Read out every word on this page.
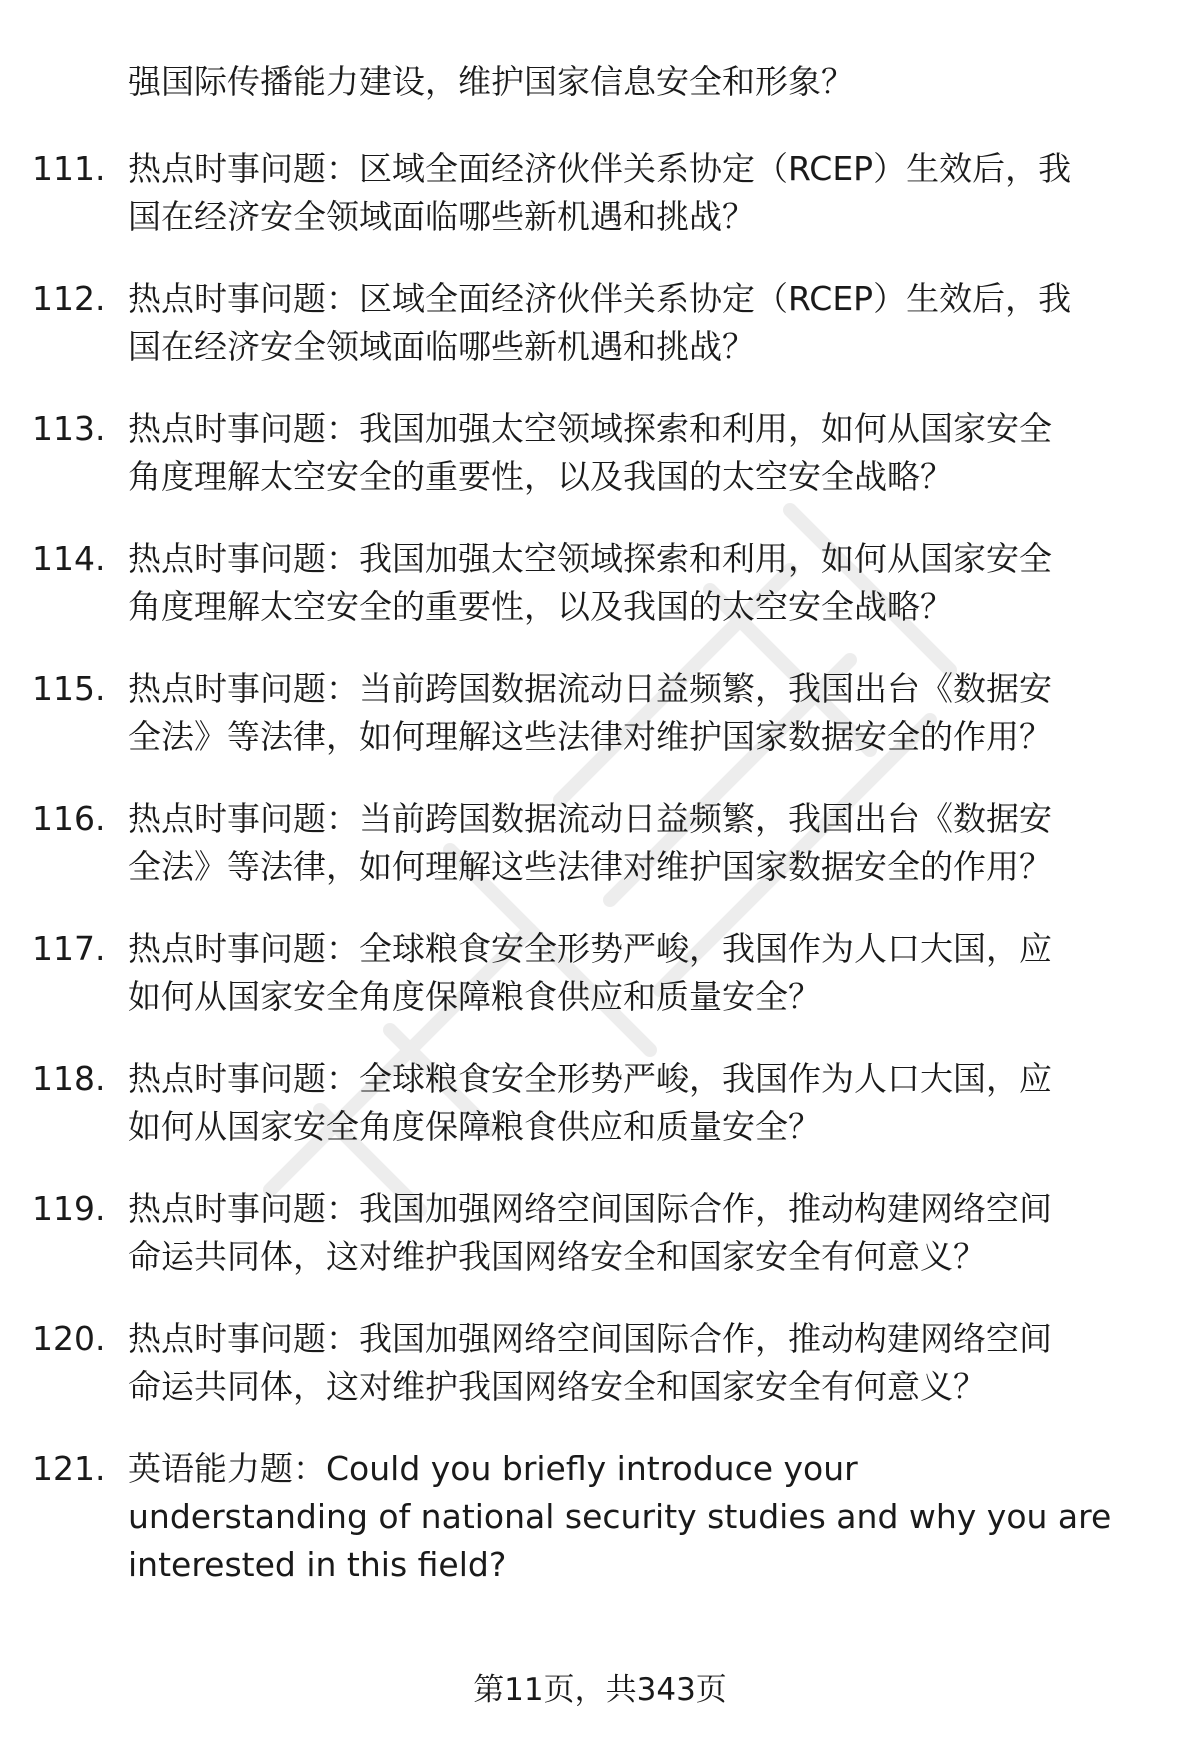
强国际传播能力建设，维护国家信息安全和形象？
111. 热点时事问题：区域全面经济伙伴关系协定（RCEP）生效后，我
国在经济安全领域面临哪些新机遇和挑战？
112. 热点时事问题：区域全面经济伙伴关系协定（RCEP）生效后，我
国在经济安全领域面临哪些新机遇和挑战？
113. 热点时事问题：我国加强太空领域探索和利用，如何从国家安全
角度理解太空安全的重要性，以及我国的太空安全战略？
114. 热点时事问题：我国加强太空领域探索和利用，如何从国家安全
角度理解太空安全的重要性，以及我国的太空安全战略？
115. 热点时事问题：当前跨国数据流动日益频繁，我国出台《数据安
全法》等法律，如何理解这些法律对维护国家数据安全的作用？
116. 热点时事问题：当前跨国数据流动日益频繁，我国出台《数据安
全法》等法律，如何理解这些法律对维护国家数据安全的作用？
117. 热点时事问题：全球粮食安全形势严峻，我国作为人口大国，应
如何从国家安全角度保障粮食供应和质量安全？
118. 热点时事问题：全球粮食安全形势严峻，我国作为人口大国，应
如何从国家安全角度保障粮食供应和质量安全？
119. 热点时事问题：我国加强网络空间国际合作，推动构建网络空间
命运共同体，这对维护我国网络安全和国家安全有何意义？
120. 热点时事问题：我国加强网络空间国际合作，推动构建网络空间
命运共同体，这对维护我国网络安全和国家安全有何意义？
121. 英语能力题：Could you briefly introduce your
understanding of national security studies and why you are
interested in this field?
第11页，共343页
